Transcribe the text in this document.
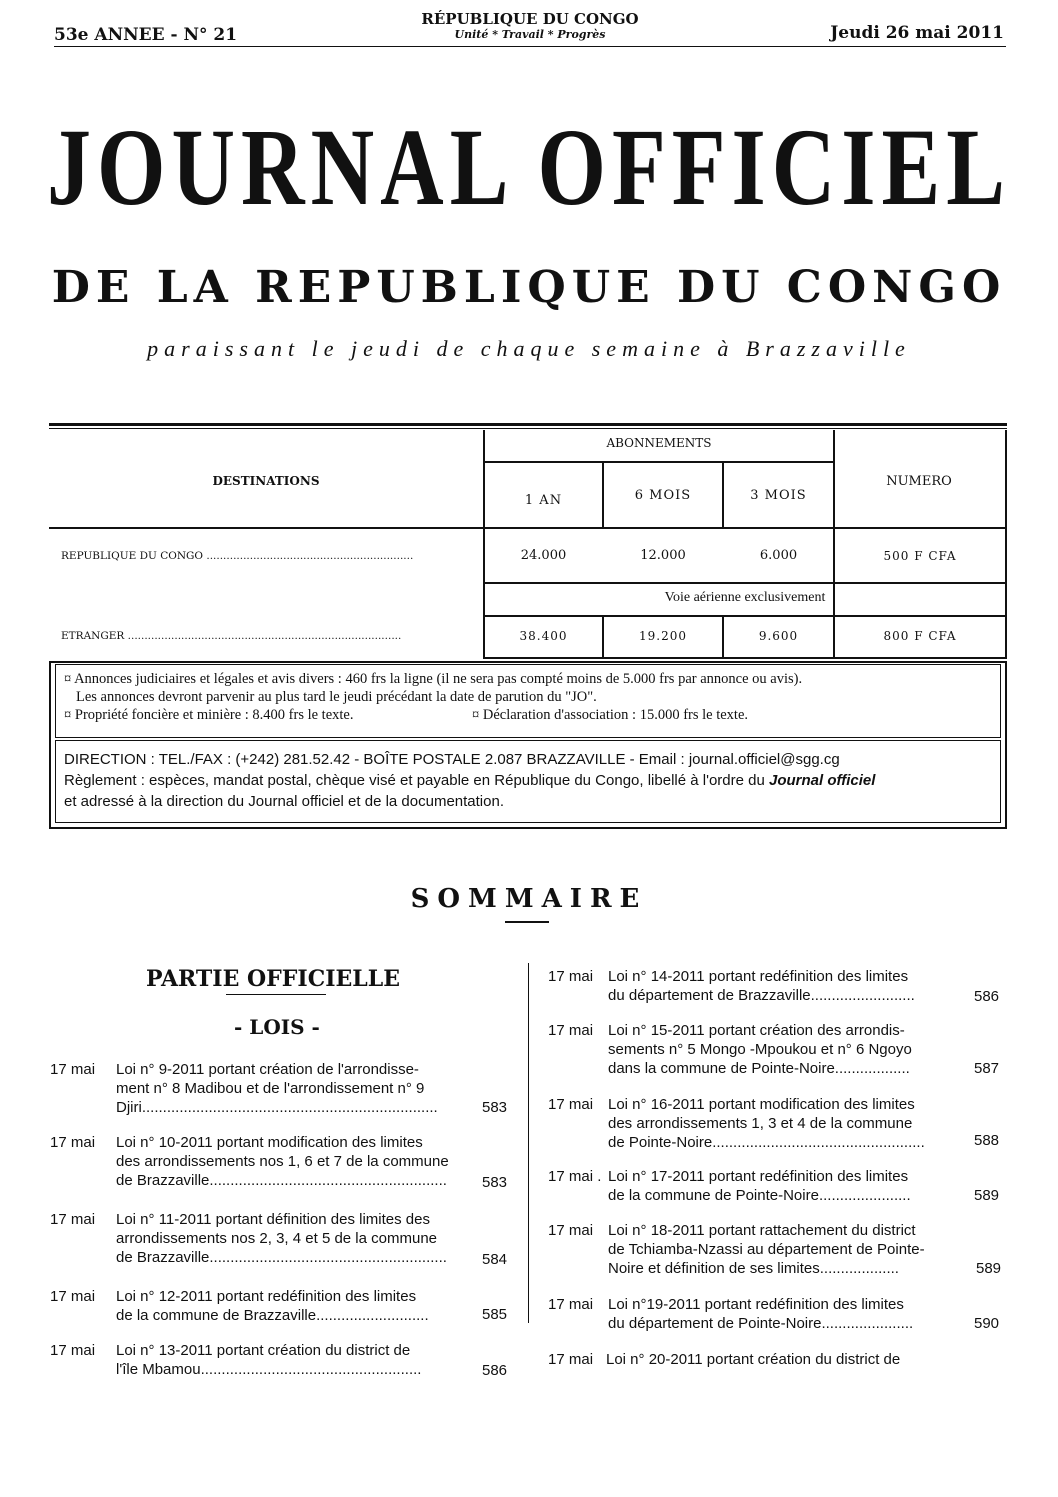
53e ANNEE - N° 21
RÉPUBLIQUE DU CONGO
Unité * Travail * Progrès	Jeudi 26 mai 2011
JOURNAL OFFICIEL
DE LA REPUBLIQUE DU CONGO
paraissant le jeudi de chaque semaine à Brazzaville
DESTINATIONS
ABONNEMENTS
NUMERO
1 AN	6 MOIS	3 MOIS
REPUBLIQUE DU CONGO ..............................................................	24.000	12.000	6.000	500 F CFA
Voie aérienne exclusivement
ETRANGER ..................................................................................	38.400	19.200	9.600	800 F CFA
¤ Annonces judiciaires et légales et avis divers : 460 frs la ligne (il ne sera pas compté moins de 5.000 frs par annonce ou avis).
Les annonces devront parvenir au plus tard le jeudi précédant la date de parution du "JO".
¤ Propriété foncière et minière : 8.400 frs le texte.	¤ Déclaration d'association : 15.000 frs le texte.
DIRECTION : TEL./FAX : (+242) 281.52.42 - BOÎTE POSTALE 2.087 BRAZZAVILLE - Email : journal.officiel@sgg.cg
Règlement : espèces, mandat postal, chèque visé et payable en République du Congo, libellé à l'ordre du Journal officiel
et adressé à la direction du Journal officiel et de la documentation.
SOMMAIRE
PARTIE OFFICIELLE
- LOIS -
17 mai Loi n° 9-2011 portant création de l'arrondisse-
ment n° 8 Madibou et de l'arrondissement n° 9
Djiri.......................................................................	583
17 mai Loi n° 10-2011 portant modification des limites
des arrondissements nos 1, 6 et 7 de la commune
de Brazzaville.........................................................	583
17 mai Loi n° 11-2011 portant définition des limites des
arrondissements nos 2, 3, 4 et 5 de la commune
de Brazzaville.........................................................	584
17 mai Loi n° 12-2011 portant redéfinition des limites
de la commune de Brazzaville...........................	585
17 mai Loi n° 13-2011 portant création du district de
l'île Mbamou.....................................................	586
17 mai Loi n° 14-2011 portant redéfinition des limites
du département de Brazzaville.........................	586
17 mai Loi n° 15-2011 portant création des arrondis-
sements n° 5 Mongo -Mpoukou et n° 6 Ngoyo
dans la commune de Pointe-Noire..................	587
17 mai Loi n° 16-2011 portant modification des limites
des arrondissements 1, 3 et 4 de la commune
de Pointe-Noire...................................................	588
17 mai . Loi n° 17-2011 portant redéfinition des limites
de la commune de Pointe-Noire......................	589
17 mai Loi n° 18-2011 portant rattachement du district
de Tchiamba-Nzassi au département de Pointe-
Noire et définition de ses limites...................	589
17 mai Loi n°19-2011 portant redéfinition des limites
du département de Pointe-Noire......................	590
17 mai Loi n° 20-2011 portant création du district de
